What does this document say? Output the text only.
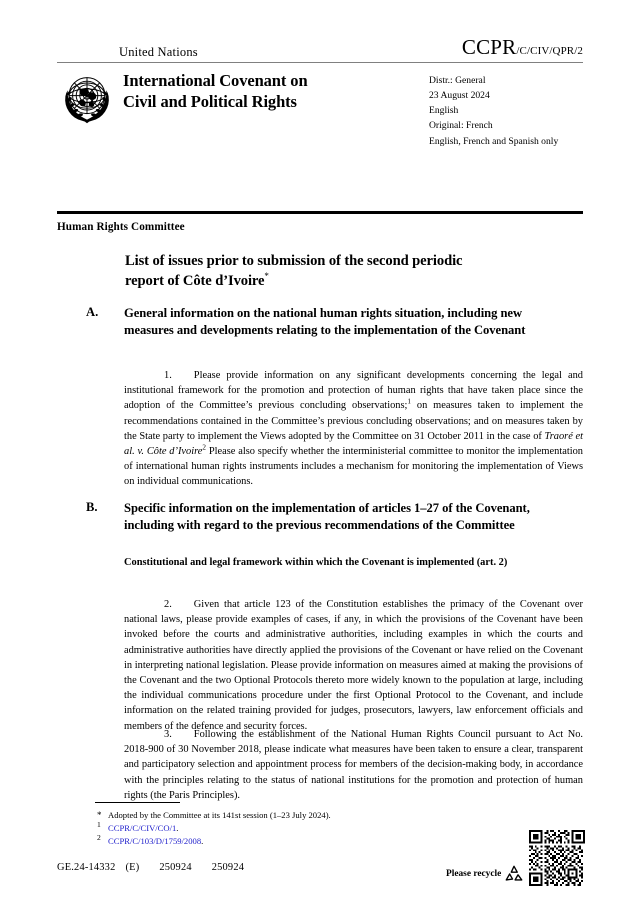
United Nations	CCPR/C/CIV/QPR/2
International Covenant on
Civil and Political Rights
Distr.: General
23 August 2024
English
Original: French
English, French and Spanish only
Human Rights Committee
List of issues prior to submission of the second periodic
report of Côte d’Ivoire*
A.	General information on the national human rights situation, including new measures and developments relating to the implementation of the Covenant

1. Please provide information on any significant developments concerning the legal and institutional framework for the promotion and protection of human rights that have taken place since the adoption of the Committee’s previous concluding observations;$^1$ on measures taken to implement the recommendations contained in the Committee’s previous concluding observations; and on measures taken by the State party to implement the Views adopted by the Committee on 31 October 2011 in the case of Traoré et al. v. Côte d’Ivoire$^2$ Please also specify whether the interministerial committee to monitor the implementation of international human rights instruments includes a mechanism for monitoring the implementation of Views on individual communications.

B.	Specific information on the implementation of articles 1–27 of the Covenant, including with regard to the previous recommendations of the Committee
Constitutional and legal framework within which the Covenant is implemented (art. 2)

2. Given that article 123 of the Constitution establishes the primacy of the Covenant over national laws, please provide examples of cases, if any, in which the provisions of the Covenant have been invoked before the courts and administrative authorities, including examples in which the courts and administrative authorities have directly applied the provisions of the Covenant or have relied on the Covenant in interpreting national legislation. Please provide information on measures aimed at making the provisions of the Covenant and the two Optional Protocols thereto more widely known to the population at large, including the individual communications procedure under the first Optional Protocol to the Covenant, and include information on the related training provided for judges, prosecutors, lawyers, law enforcement officials and members of the defence and security forces.

3. Following the establishment of the National Human Rights Council pursuant to Act No. 2018-900 of 30 November 2018, please indicate what measures have been taken to ensure a clear, transparent and participatory selection and appointment process for members of the decision-making body, in accordance with the principles relating to the status of national institutions for the promotion and protection of human rights (the Paris Principles).

* Adopted by the Committee at its 141st session (1–23 July 2024).
1 CCPR/C/CIV/CO/1.
2 CCPR/C/103/D/1759/2008.
GE.24-14332 (E) 250924 250924
Please recycle
